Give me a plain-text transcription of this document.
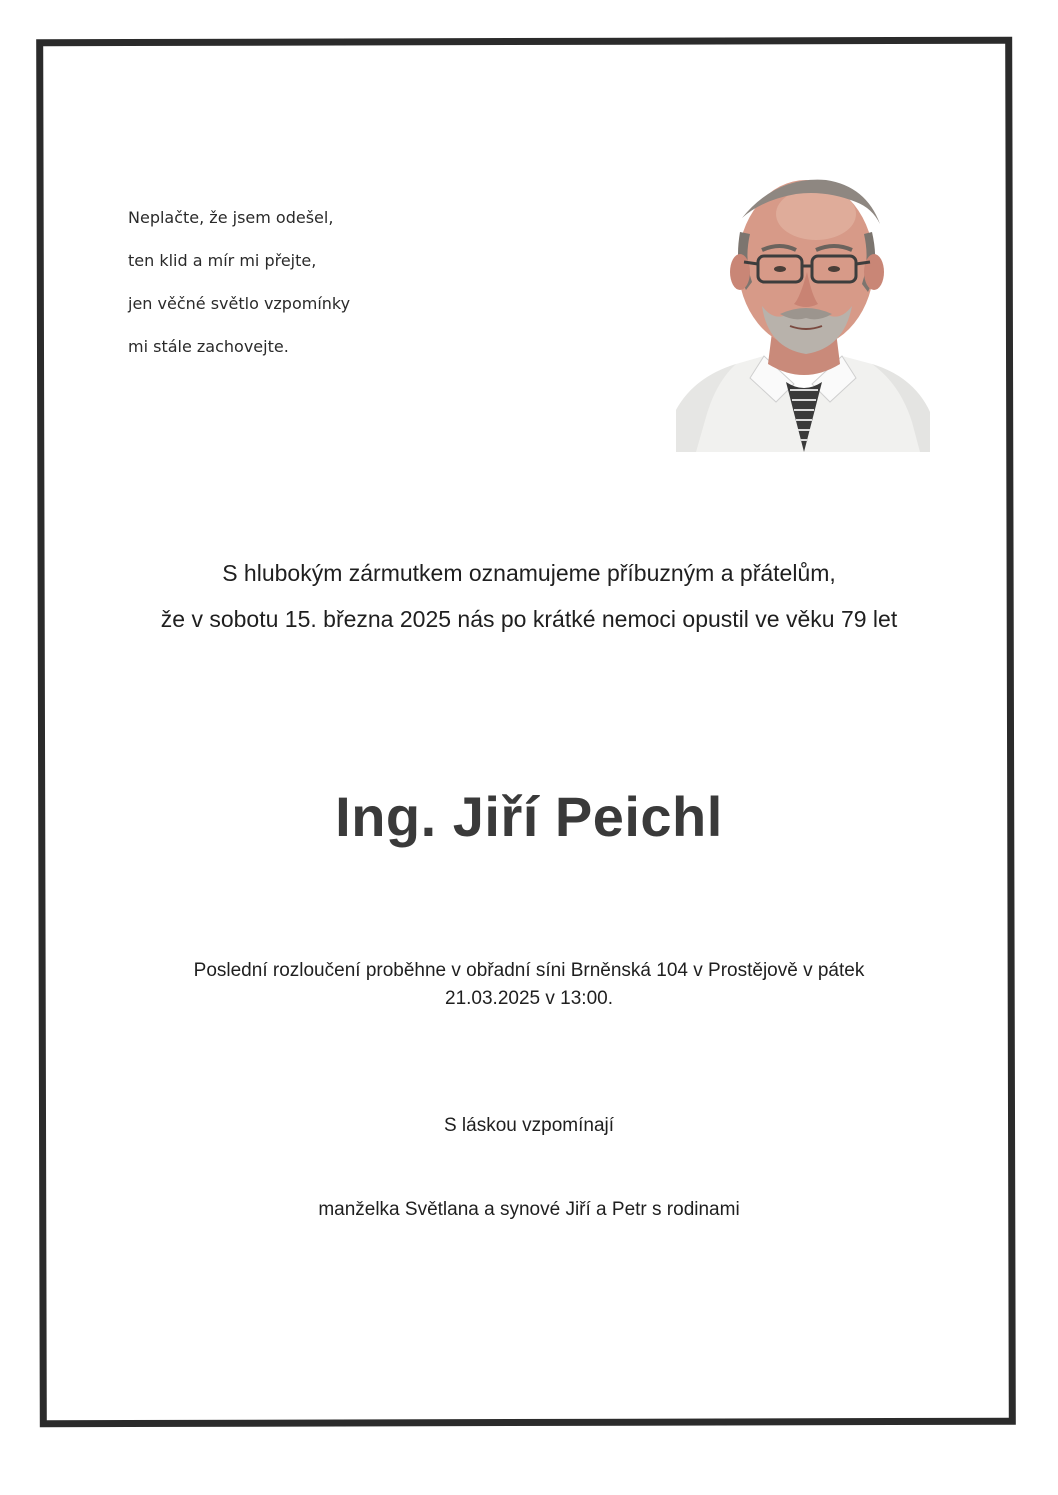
Neplačte, že jsem odešel,
ten klid a mír mi přejte,
jen věčné světlo vzpomínky
mi stále zachovejte.
S hlubokým zármutkem oznamujeme příbuzným a přátelům,
že v sobotu 15. března 2025 nás po krátké nemoci opustil ve věku 79 let
Ing. Jiří Peichl
Poslední rozloučení proběhne v obřadní síni Brněnská 104 v Prostějově v pátek
21.03.2025 v 13:00.
S láskou vzpomínají
manželka Světlana a synové Jiří a Petr s rodinami
